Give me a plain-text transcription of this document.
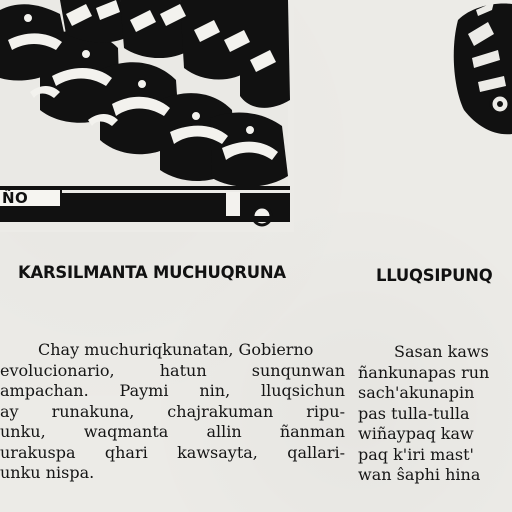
ÑO
KARSILMANTA MUCHUQRUNA	LLUQSIPUNQ
Chay muchuriqkunatan, Gobierno
evolucionario, hatun sunqunwan
ampachan. Paymi nin, lluqsichun
ay runakuna, chajrakuman ripu-
unku, waqmanta allin ñanman
urakuspa qhari kawsayta, qallari-
unku nispa.
Sasan kaws
ñankunapas run
sach'akunapin
pas tulla-tulla
wiñaypaq kaw
paq k'iri mast'
wan ŝaphi hina
